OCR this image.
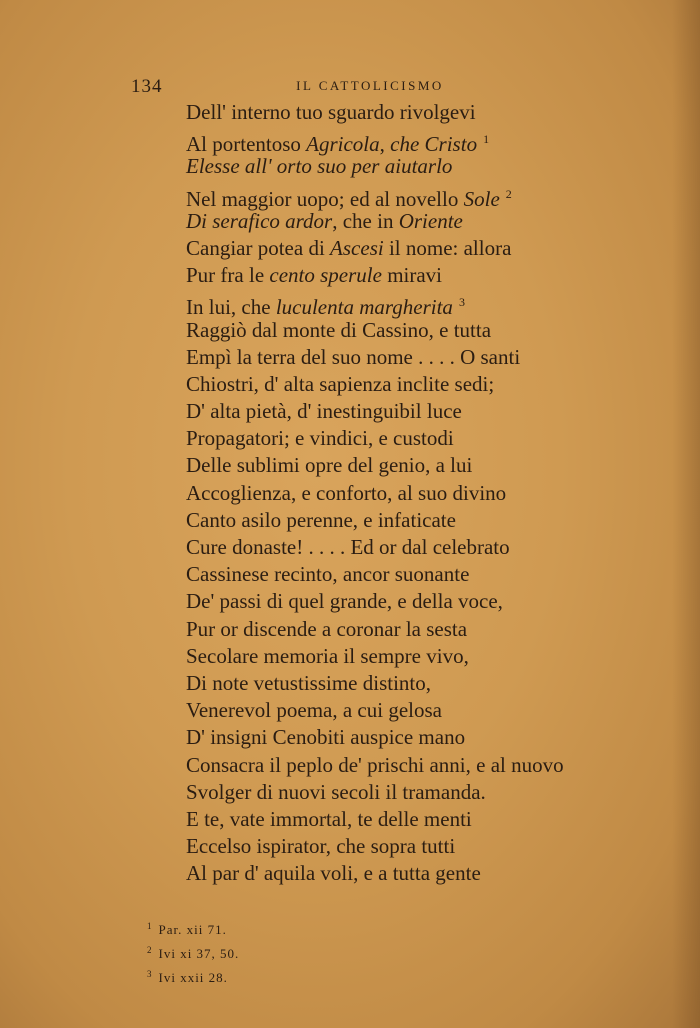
134	IL CATTOLICISMO
Dell' interno tuo sguardo rivolgevi
Al portentoso Agricola, che Cristo $^1$
Elesse all' orto suo per aiutarlo
Nel maggior uopo; ed al novello Sole $^2$
Di serafico ardor, che in Oriente
Cangiar potea di Ascesi il nome: allora
Pur fra le cento sperule miravi
In lui, che luculenta margherita $^3$
Raggiò dal monte di Cassino, e tutta
Empì la terra del suo nome . . . . O santi
Chiostri, d' alta sapienza inclite sedi;
D' alta pietà, d' inestinguibil luce
Propagatori; e vindici, e custodi
Delle sublimi opre del genio, a lui
Accoglienza, e conforto, al suo divino
Canto asilo perenne, e infaticate
Cure donaste! . . . . Ed or dal celebrato
Cassinese recinto, ancor suonante
De' passi di quel grande, e della voce,
Pur or discende a coronar la sesta
Secolare memoria il sempre vivo,
Di note vetustissime distinto,
Venerevol poema, a cui gelosa
D' insigni Cenobiti auspice mano
Consacra il peplo de' prischi anni, e al nuovo
Svolger di nuovi secoli il tramanda.
E te, vate immortal, te delle menti
Eccelso ispirator, che sopra tutti
Al par d' aquila voli, e a tutta gente
$^1$ Par. xii 71.
$^2$ Ivi xi 37, 50.
$^3$ Ivi xxii 28.
